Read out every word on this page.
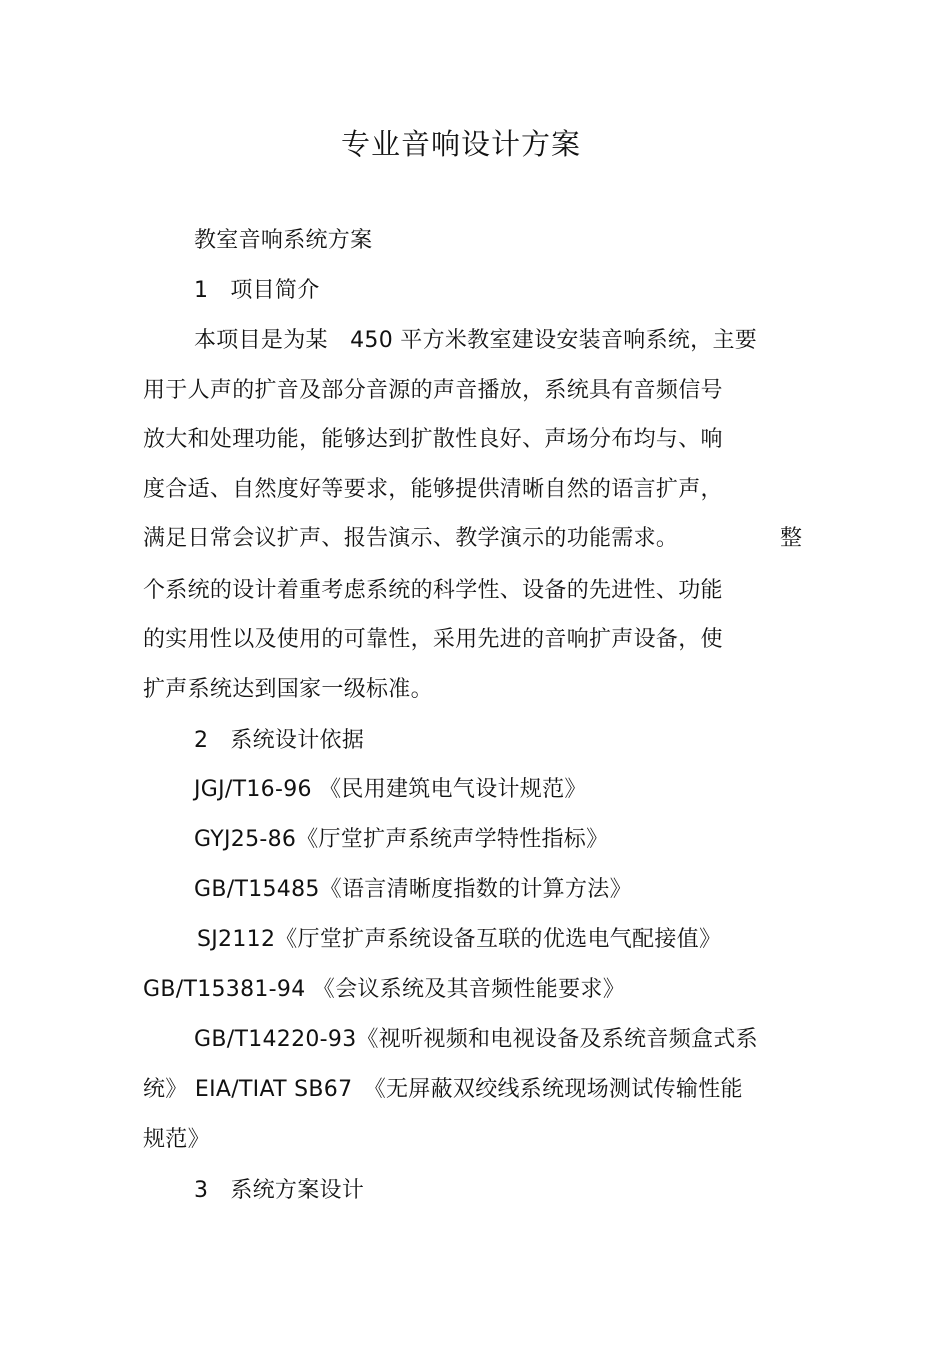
专业音响设计方案
教室音响系统方案
1 项目简介
本项目是为某　450 平方米教室建设安装音响系统，主要
用于人声的扩音及部分音源的声音播放，系统具有音频信号
放大和处理功能，能够达到扩散性良好、声场分布均与、响
度合适、自然度好等要求，能够提供清晰自然的语言扩声，
满足日常会议扩声、报告演示、教学演示的功能需求。	整
个系统的设计着重考虑系统的科学性、设备的先进性、功能
的实用性以及使用的可靠性，采用先进的音响扩声设备，使
扩声系统达到国家一级标准。
2 系统设计依据
JGJ/T16-96 《民用建筑电气设计规范》
GYJ25-86《厅堂扩声系统声学特性指标》
GB/T15485《语言清晰度指数的计算方法》
SJ2112《厅堂扩声系统设备互联的优选电气配接值》
GB/T15381-94 《会议系统及其音频性能要求》
GB/T14220-93《视听视频和电视设备及系统音频盒式系
统》 EIA/TIAT SB67　《无屏蔽双绞线系统现场测试传输性能
规范》
3 系统方案设计
